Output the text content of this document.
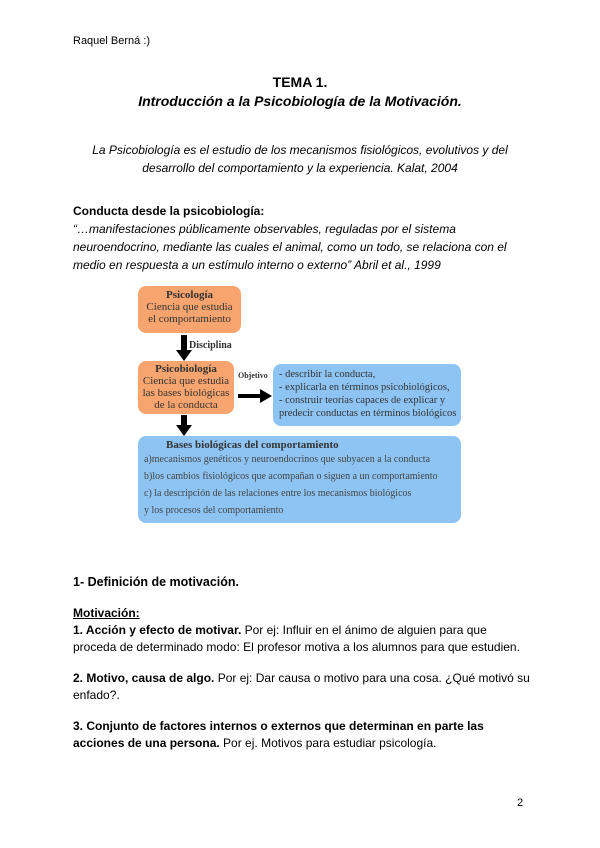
Raquel Berná :)
TEMA 1.
Introducción a la Psicobiología de la Motivación.
La Psicobiología es el estudio de los mecanismos fisiológicos, evolutivos y del
desarrollo del comportamiento y la experiencia. Kalat, 2004
Conducta desde la psicobiología:
“…manifestaciones públicamente observables, reguladas por el sistema
neuroendocrino, mediante las cuales el animal, como un todo, se relaciona con el
medio en respuesta a un estímulo interno o externo” Abril et al., 1999
Psicología
Ciencia que estudia
el comportamiento
Disciplina
Psicobiología
Ciencia que estudia
las bases biológicas
de la conducta
Objetivo - describir la conducta,
- explicarla en términos psicobiológicos,
- construir teorías capaces de explicar y
predecir conductas en términos biológicos
Bases biológicas del comportamiento
a)mecanismos genéticos y neuroendocrinos que subyacen a la conducta
b)los cambios fisiológicos que acompañan o siguen a un comportamiento
c) la descripción de las relaciones entre los mecanismos biológicos
y los procesos del comportamiento
1- Definición de motivación.
Motivación:
1. Acción y efecto de motivar. Por ej: Influir en el ánimo de alguien para que proceda de determinado modo: El profesor motiva a los alumnos para que estudien.
2. Motivo, causa de algo. Por ej: Dar causa o motivo para una cosa. ¿Qué motivó su enfado?.
3. Conjunto de factores internos o externos que determinan en parte las acciones de una persona. Por ej. Motivos para estudiar psicología.
2
